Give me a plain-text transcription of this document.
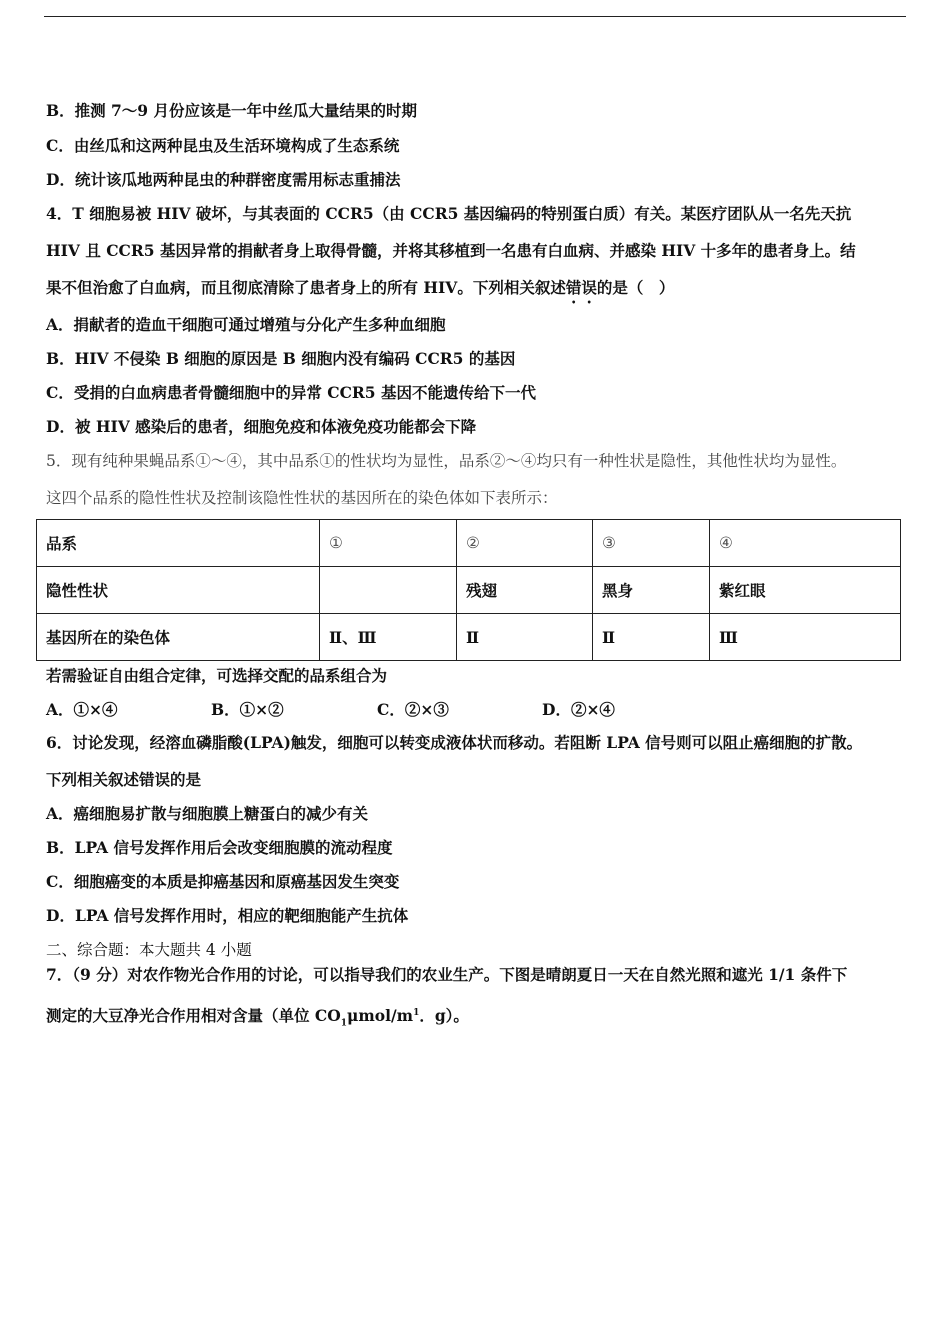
B．推测 7～9 月份应该是一年中丝瓜大量结果的时期
C．由丝瓜和这两种昆虫及生活环境构成了生态系统
D．统计该瓜地两种昆虫的种群密度需用标志重捕法
4．T 细胞易被 HIV 破坏，与其表面的 CCR5（由 CCR5 基因编码的特别蛋白质）有关。某医疗团队从一名先天抗
HIV 且 CCR5 基因异常的捐献者身上取得骨髓，并将其移植到一名患有白血病、并感染 HIV 十多年的患者身上。结
果不但治愈了白血病，而且彻底清除了患者身上的所有 HIV。下列相关叙述错误的是（　）
A．捐献者的造血干细胞可通过增殖与分化产生多种血细胞
B．HIV 不侵染 B 细胞的原因是 B 细胞内没有编码 CCR5 的基因
C．受捐的白血病患者骨髓细胞中的异常 CCR5 基因不能遗传给下一代
D．被 HIV 感染后的患者，细胞免疫和体液免疫功能都会下降
5．现有纯种果蝇品系①～④，其中品系①的性状均为显性，品系②～④均只有一种性状是隐性，其他性状均为显性。
这四个品系的隐性性状及控制该隐性性状的基因所在的染色体如下表所示：
品系	①	②	③	④
隐性性状		残翅	黑身	紫红眼
基因所在的染色体	Ⅱ、Ⅲ	Ⅱ	Ⅱ	Ⅲ
若需验证自由组合定律，可选择交配的品系组合为
A．①×④	B．①×②	C．②×③	D．②×④
6．讨论发现，经溶血磷脂酸(LPA)触发，细胞可以转变成液体状而移动。若阻断 LPA 信号则可以阻止癌细胞的扩散。
下列相关叙述错误的是
A．癌细胞易扩散与细胞膜上糖蛋白的减少有关
B．LPA 信号发挥作用后会改变细胞膜的流动程度
C．细胞癌变的本质是抑癌基因和原癌基因发生突变
D．LPA 信号发挥作用时，相应的靶细胞能产生抗体
二、综合题：本大题共 4 小题
7．（9 分）对农作物光合作用的讨论，可以指导我们的农业生产。下图是晴朗夏日一天在自然光照和遮光 1/1 条件下
测定的大豆净光合作用相对含量（单位 $CO_1\mu mol/m^1$．g）。
